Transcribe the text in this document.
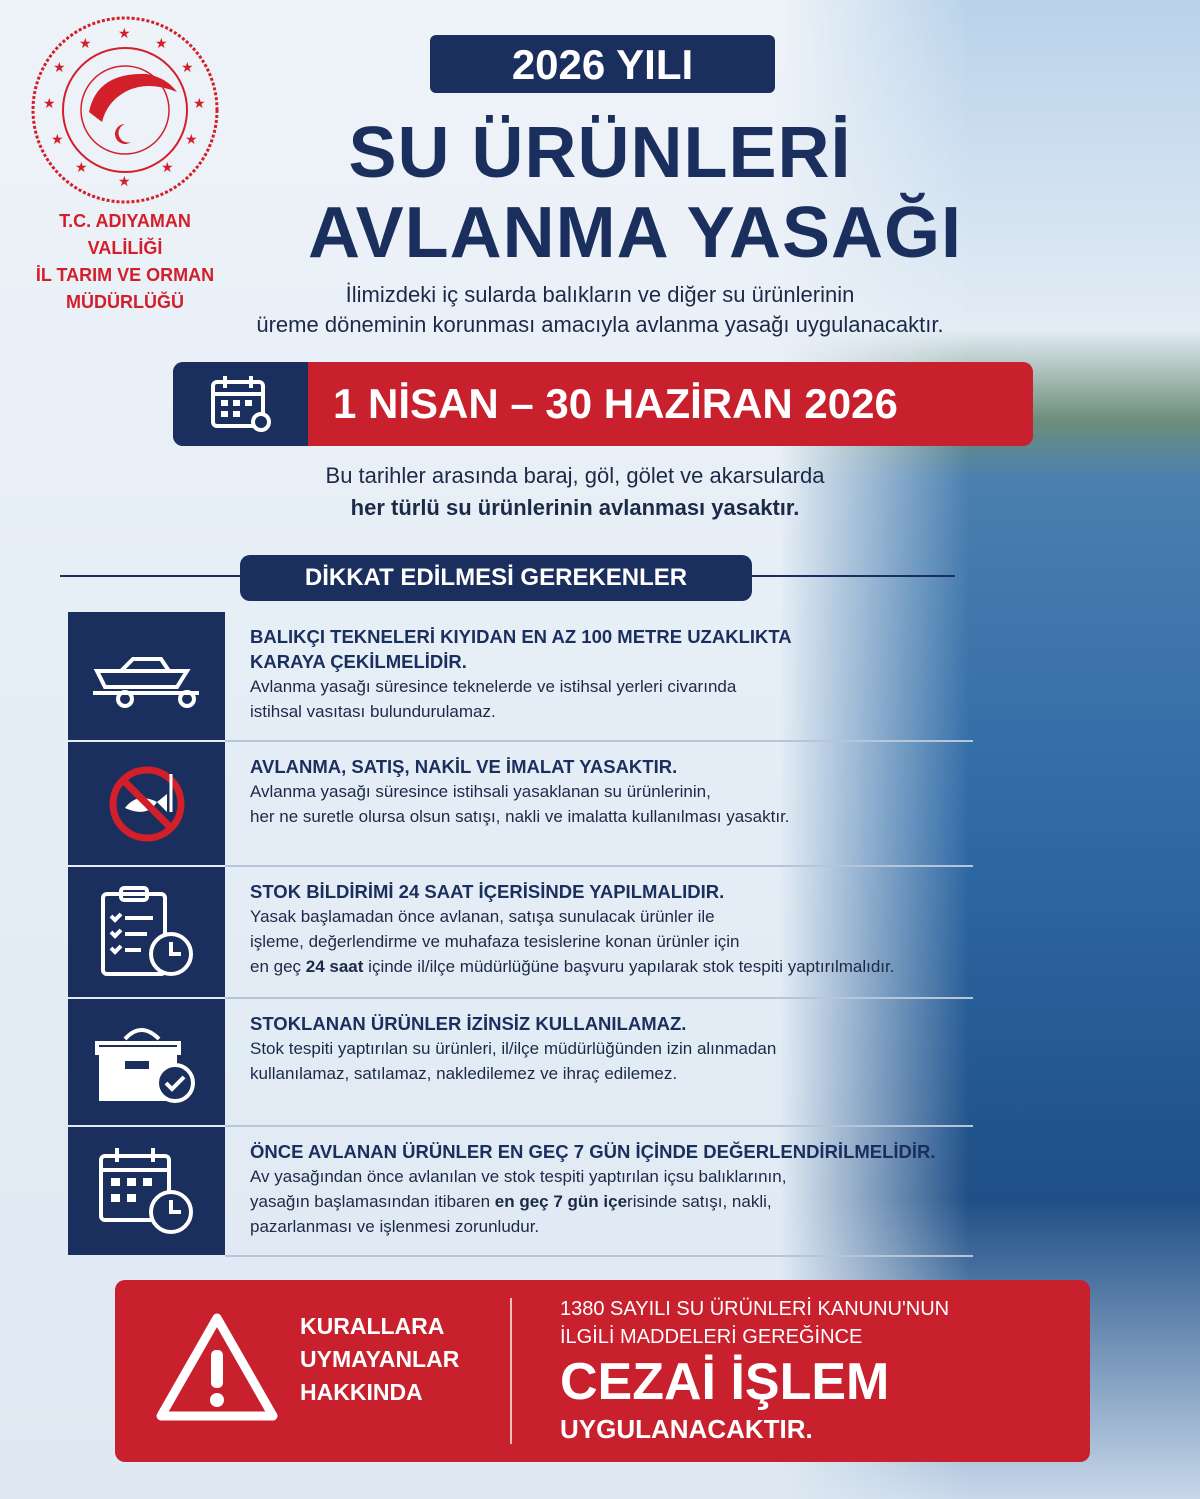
★
★
★
★
★
★
★
★
★
★
★
★
T.C. ADIYAMAN VALİLİĞİ
İL TARIM VE ORMAN
MÜDÜRLÜĞÜ
2026 YILI
SU ÜRÜNLERİ
AVLANMA YASAĞI
İlimizdeki iç sularda balıkların ve diğer su ürünlerinin
üreme döneminin korunması amacıyla avlanma yasağı uygulanacaktır.
1 NİSAN – 30 HAZİRAN 2026
Bu tarihler arasında baraj, göl, gölet ve akarsularda
her türlü su ürünlerinin avlanması yasaktır.
DİKKAT EDİLMESİ GEREKENLER
BALIKÇI TEKNELERİ KIYIDAN EN AZ 100 METRE UZAKLIKTA
KARAYA ÇEKİLMELİDİR.
Avlanma yasağı süresince teknelerde ve istihsal yerleri civarında
istihsal vasıtası bulundurulamaz.
AVLANMA, SATIŞ, NAKİL VE İMALAT YASAKTIR.
Avlanma yasağı süresince istihsali yasaklanan su ürünlerinin,
her ne suretle olursa olsun satışı, nakli ve imalatta kullanılması yasaktır.
STOK BİLDİRİMİ 24 SAAT İÇERİSİNDE YAPILMALIDIR.
Yasak başlamadan önce avlanan, satışa sunulacak ürünler ile
işleme, değerlendirme ve muhafaza tesislerine konan ürünler için
en geç 24 saat içinde il/ilçe müdürlüğüne başvuru yapılarak stok tespiti yaptırılmalıdır.
STOKLANAN ÜRÜNLER İZİNSİZ KULLANILAMAZ.
Stok tespiti yaptırılan su ürünleri, il/ilçe müdürlüğünden izin alınmadan
kullanılamaz, satılamaz, nakledilemez ve ihraç edilemez.
ÖNCE AVLANAN ÜRÜNLER EN GEÇ 7 GÜN İÇİNDE DEĞERLENDİRİLMELİDİR.
Av yasağından önce avlanılan ve stok tespiti yaptırılan içsu balıklarının,
yasağın başlamasından itibaren en geç 7 gün içerisinde satışı, nakli,
pazarlanması ve işlenmesi zorunludur.
KURALLARA
UYMAYANLAR
HAKKINDA
1380 SAYILI SU ÜRÜNLERİ KANUNU'NUN
İLGİLİ MADDELERİ GEREĞİNCE
CEZAİ İŞLEM
UYGULANACAKTIR.
